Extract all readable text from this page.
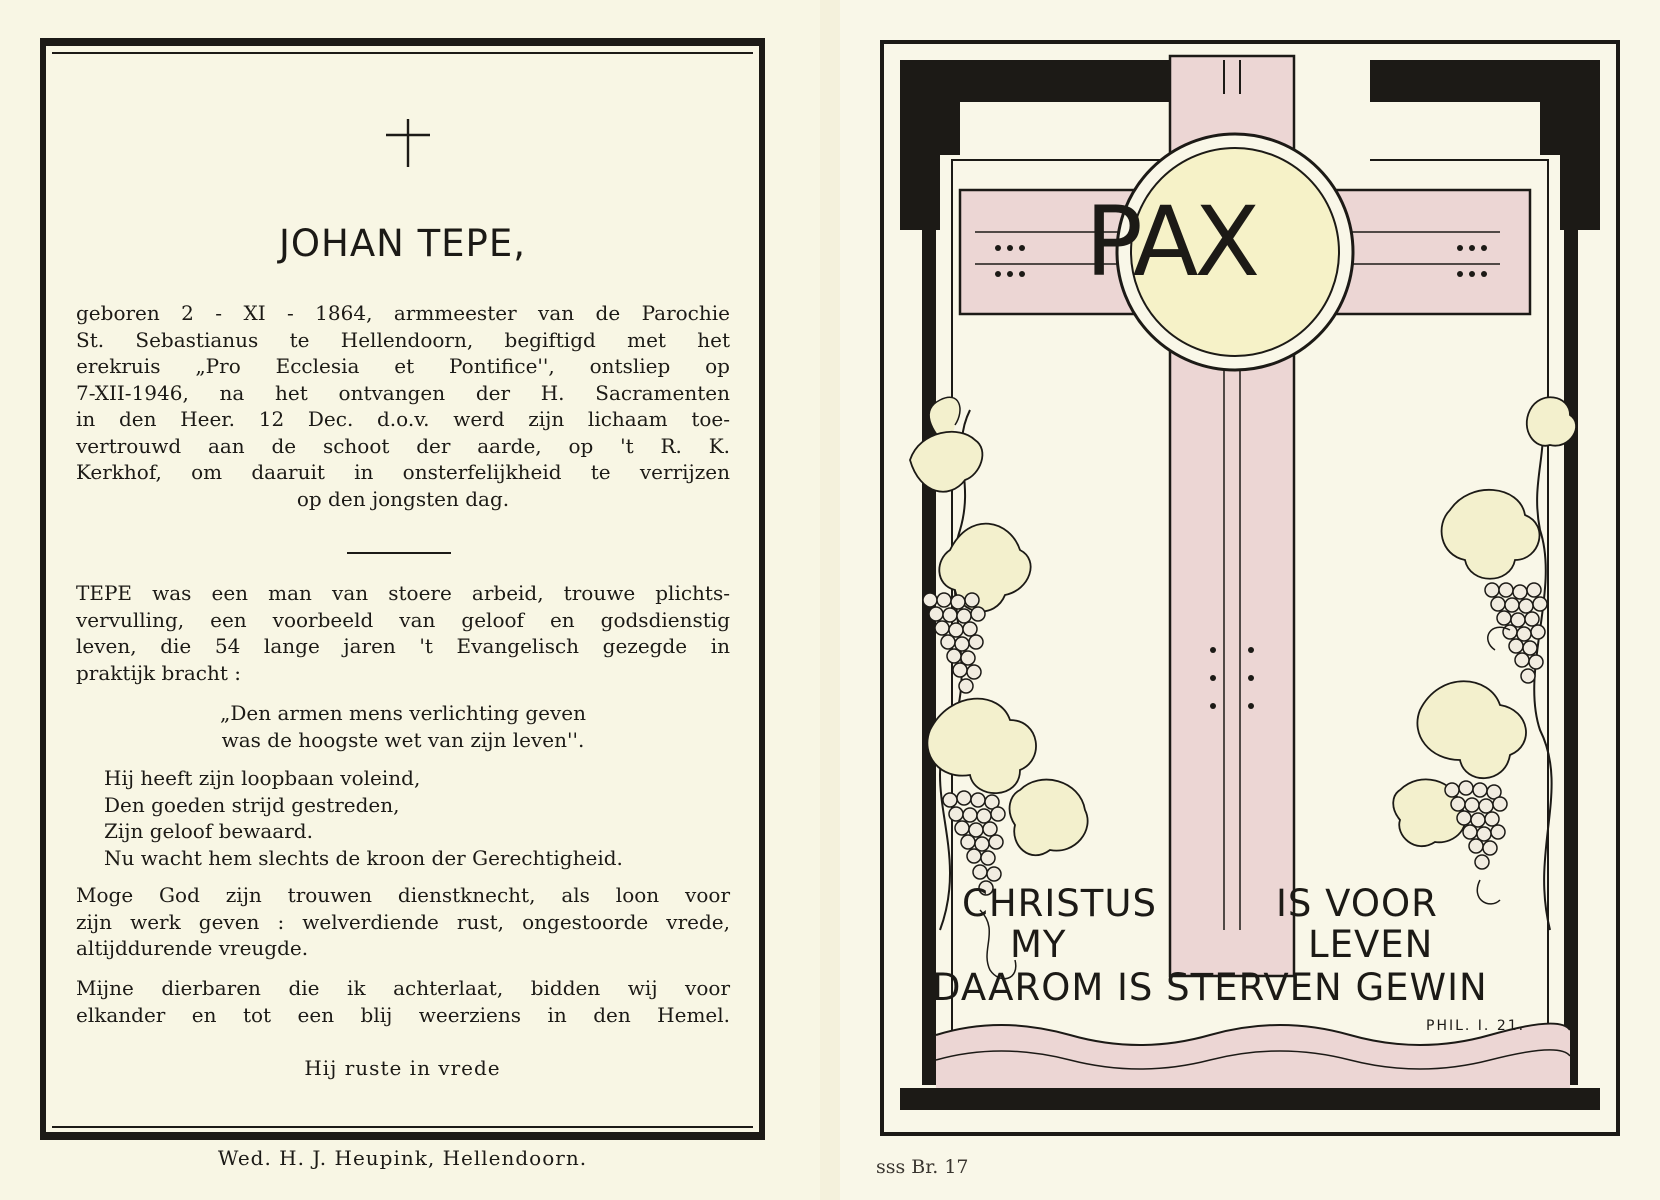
JOHAN TEPE,
geboren 2 - XI - 1864, armmeester van de Parochie
St. Sebastianus te Hellendoorn, begiftigd met het
erekruis „Pro Ecclesia et Pontifice'', ontsliep op
7-XII-1946, na het ontvangen der H. Sacramenten
in den Heer. 12 Dec. d.o.v. werd zijn lichaam toe-
vertrouwd aan de schoot der aarde, op 't R. K.
Kerkhof, om daaruit in onsterfelijkheid te verrijzen
op den jongsten dag.
TEPE was een man van stoere arbeid, trouwe plichts-
vervulling, een voorbeeld van geloof en godsdienstig
leven, die 54 lange jaren 't Evangelisch gezegde in
praktijk bracht :
„Den armen mens verlichting geven
was de hoogste wet van zijn leven''.
Hij heeft zijn loopbaan voleind,
Den goeden strijd gestreden,
Zijn geloof bewaard.
Nu wacht hem slechts de kroon der Gerechtigheid.
Moge God zijn trouwen dienstknecht, als loon voor
zijn werk geven : welverdiende rust, ongestoorde vrede,
altijddurende vreugde.
Mijne dierbaren die ik achterlaat, bidden wij voor
elkander en tot een blij weerziens in den Hemel.
Hij ruste in vrede
Wed. H. J. Heupink, Hellendoorn.
PAX
CHRISTUS	IS VOOR
MY	LEVEN
DAAROM IS STERVEN GEWIN
PHIL. I. 21.
sss Br. 17
